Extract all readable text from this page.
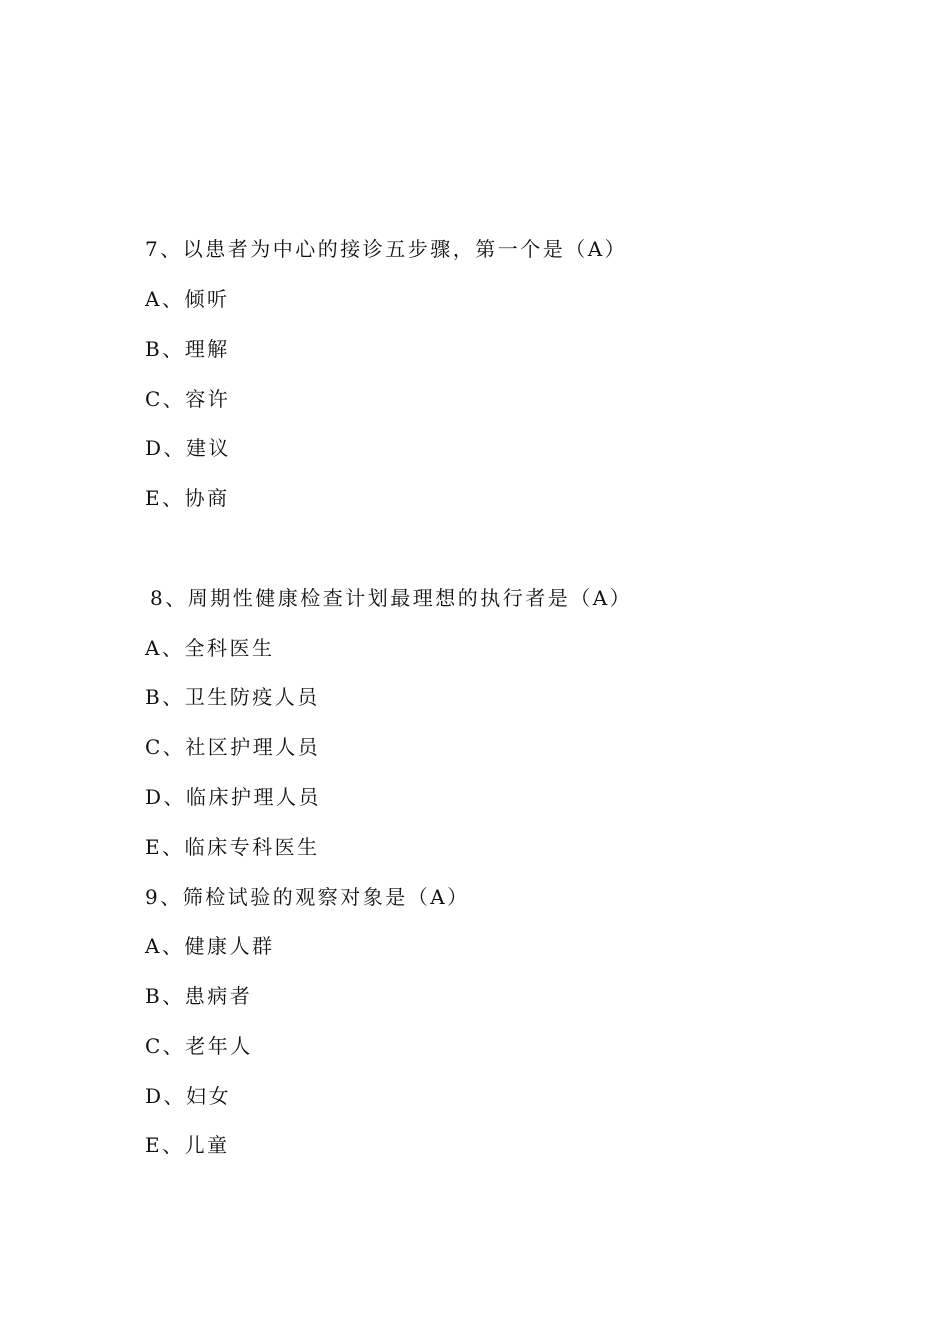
7、以患者为中心的接诊五步骤，第一个是（A）
A、倾听
B、理解
C、容许
D、建议
E、协商
8、周期性健康检查计划最理想的执行者是（A）
A、全科医生
B、卫生防疫人员
C、社区护理人员
D、临床护理人员
E、临床专科医生
9、筛检试验的观察对象是（A）
A、健康人群
B、患病者
C、老年人
D、妇女
E、儿童
